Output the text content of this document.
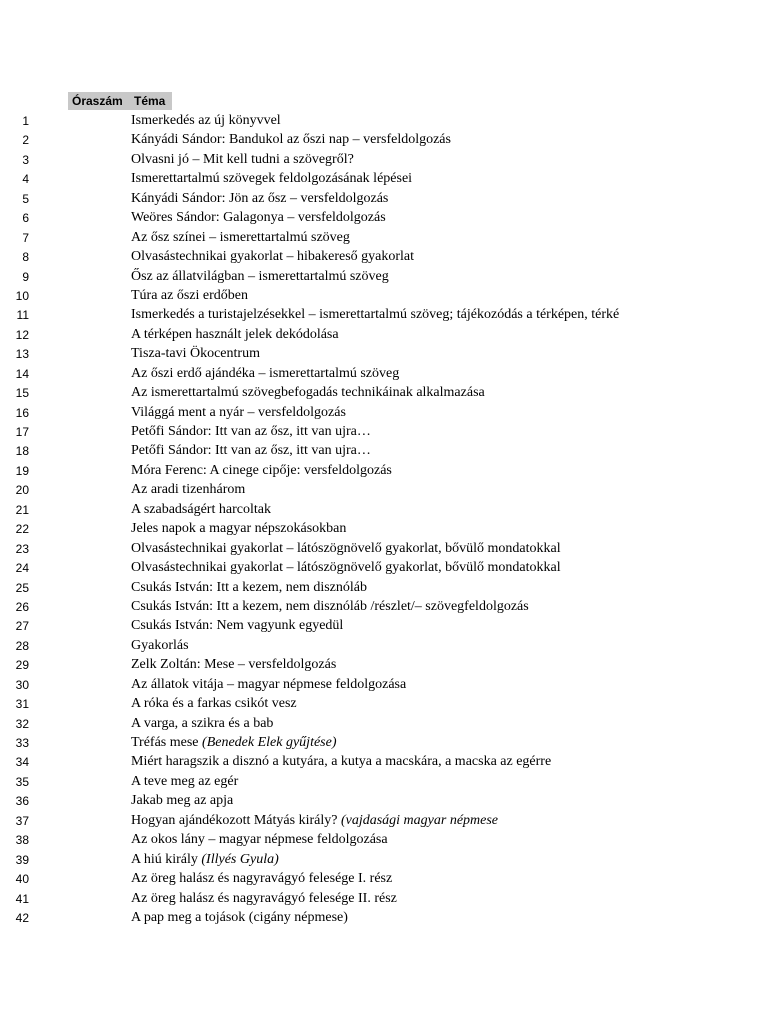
Óraszám Téma
1	Ismerkedés az új könyvvel
2	Kányádi Sándor: Bandukol az őszi nap – versfeldolgozás
3	Olvasni jó – Mit kell tudni a szövegről?
4	Ismerettartalmú szövegek feldolgozásának lépései
5	Kányádi Sándor: Jön az ősz – versfeldolgozás
6	Weöres Sándor: Galagonya – versfeldolgozás
7	Az ősz színei – ismerettartalmú szöveg
8	Olvasástechnikai gyakorlat – hibakereső gyakorlat
9	Ősz az állatvilágban – ismerettartalmú szöveg
10	Túra az őszi erdőben
11	Ismerkedés a turistajelzésekkel – ismerettartalmú szöveg; tájékozódás a térképen, térké
12	A térképen használt jelek dekódolása
13	Tisza-tavi Ökocentrum
14	Az őszi erdő ajándéka – ismerettartalmú szöveg
15	Az ismerettartalmú szövegbefogadás technikáinak alkalmazása
16	Világgá ment a nyár – versfeldolgozás
17	Petőfi Sándor: Itt van az ősz, itt van ujra…
18	Petőfi Sándor: Itt van az ősz, itt van ujra…
19	Móra Ferenc: A cinege cipője: versfeldolgozás
20	Az aradi tizenhárom
21	A szabadságért harcoltak
22	Jeles napok a magyar népszokásokban
23	Olvasástechnikai gyakorlat – látószögnövelő gyakorlat, bővülő mondatokkal
24	Olvasástechnikai gyakorlat – látószögnövelő gyakorlat, bővülő mondatokkal
25	Csukás István: Itt a kezem, nem disznóláb
26	Csukás István: Itt a kezem, nem disznóláb /részlet/– szövegfeldolgozás
27	Csukás István: Nem vagyunk egyedül
28	Gyakorlás
29	Zelk Zoltán: Mese – versfeldolgozás
30	Az állatok vitája – magyar népmese feldolgozása
31	A róka és a farkas csikót vesz
32	A varga, a szikra és a bab
33	Tréfás mese (Benedek Elek gyűjtése)
34	Miért haragszik a disznó a kutyára, a kutya a macskára, a macska az egérre
35	A teve meg az egér
36	Jakab meg az apja
37	Hogyan ajándékozott Mátyás király? (vajdasági magyar népmese
38	Az okos lány – magyar népmese feldolgozása
39	A hiú király (Illyés Gyula)
40	Az öreg halász és nagyravágyó felesége I. rész
41	Az öreg halász és nagyravágyó felesége II. rész
42	A pap meg a tojások (cigány népmese)
